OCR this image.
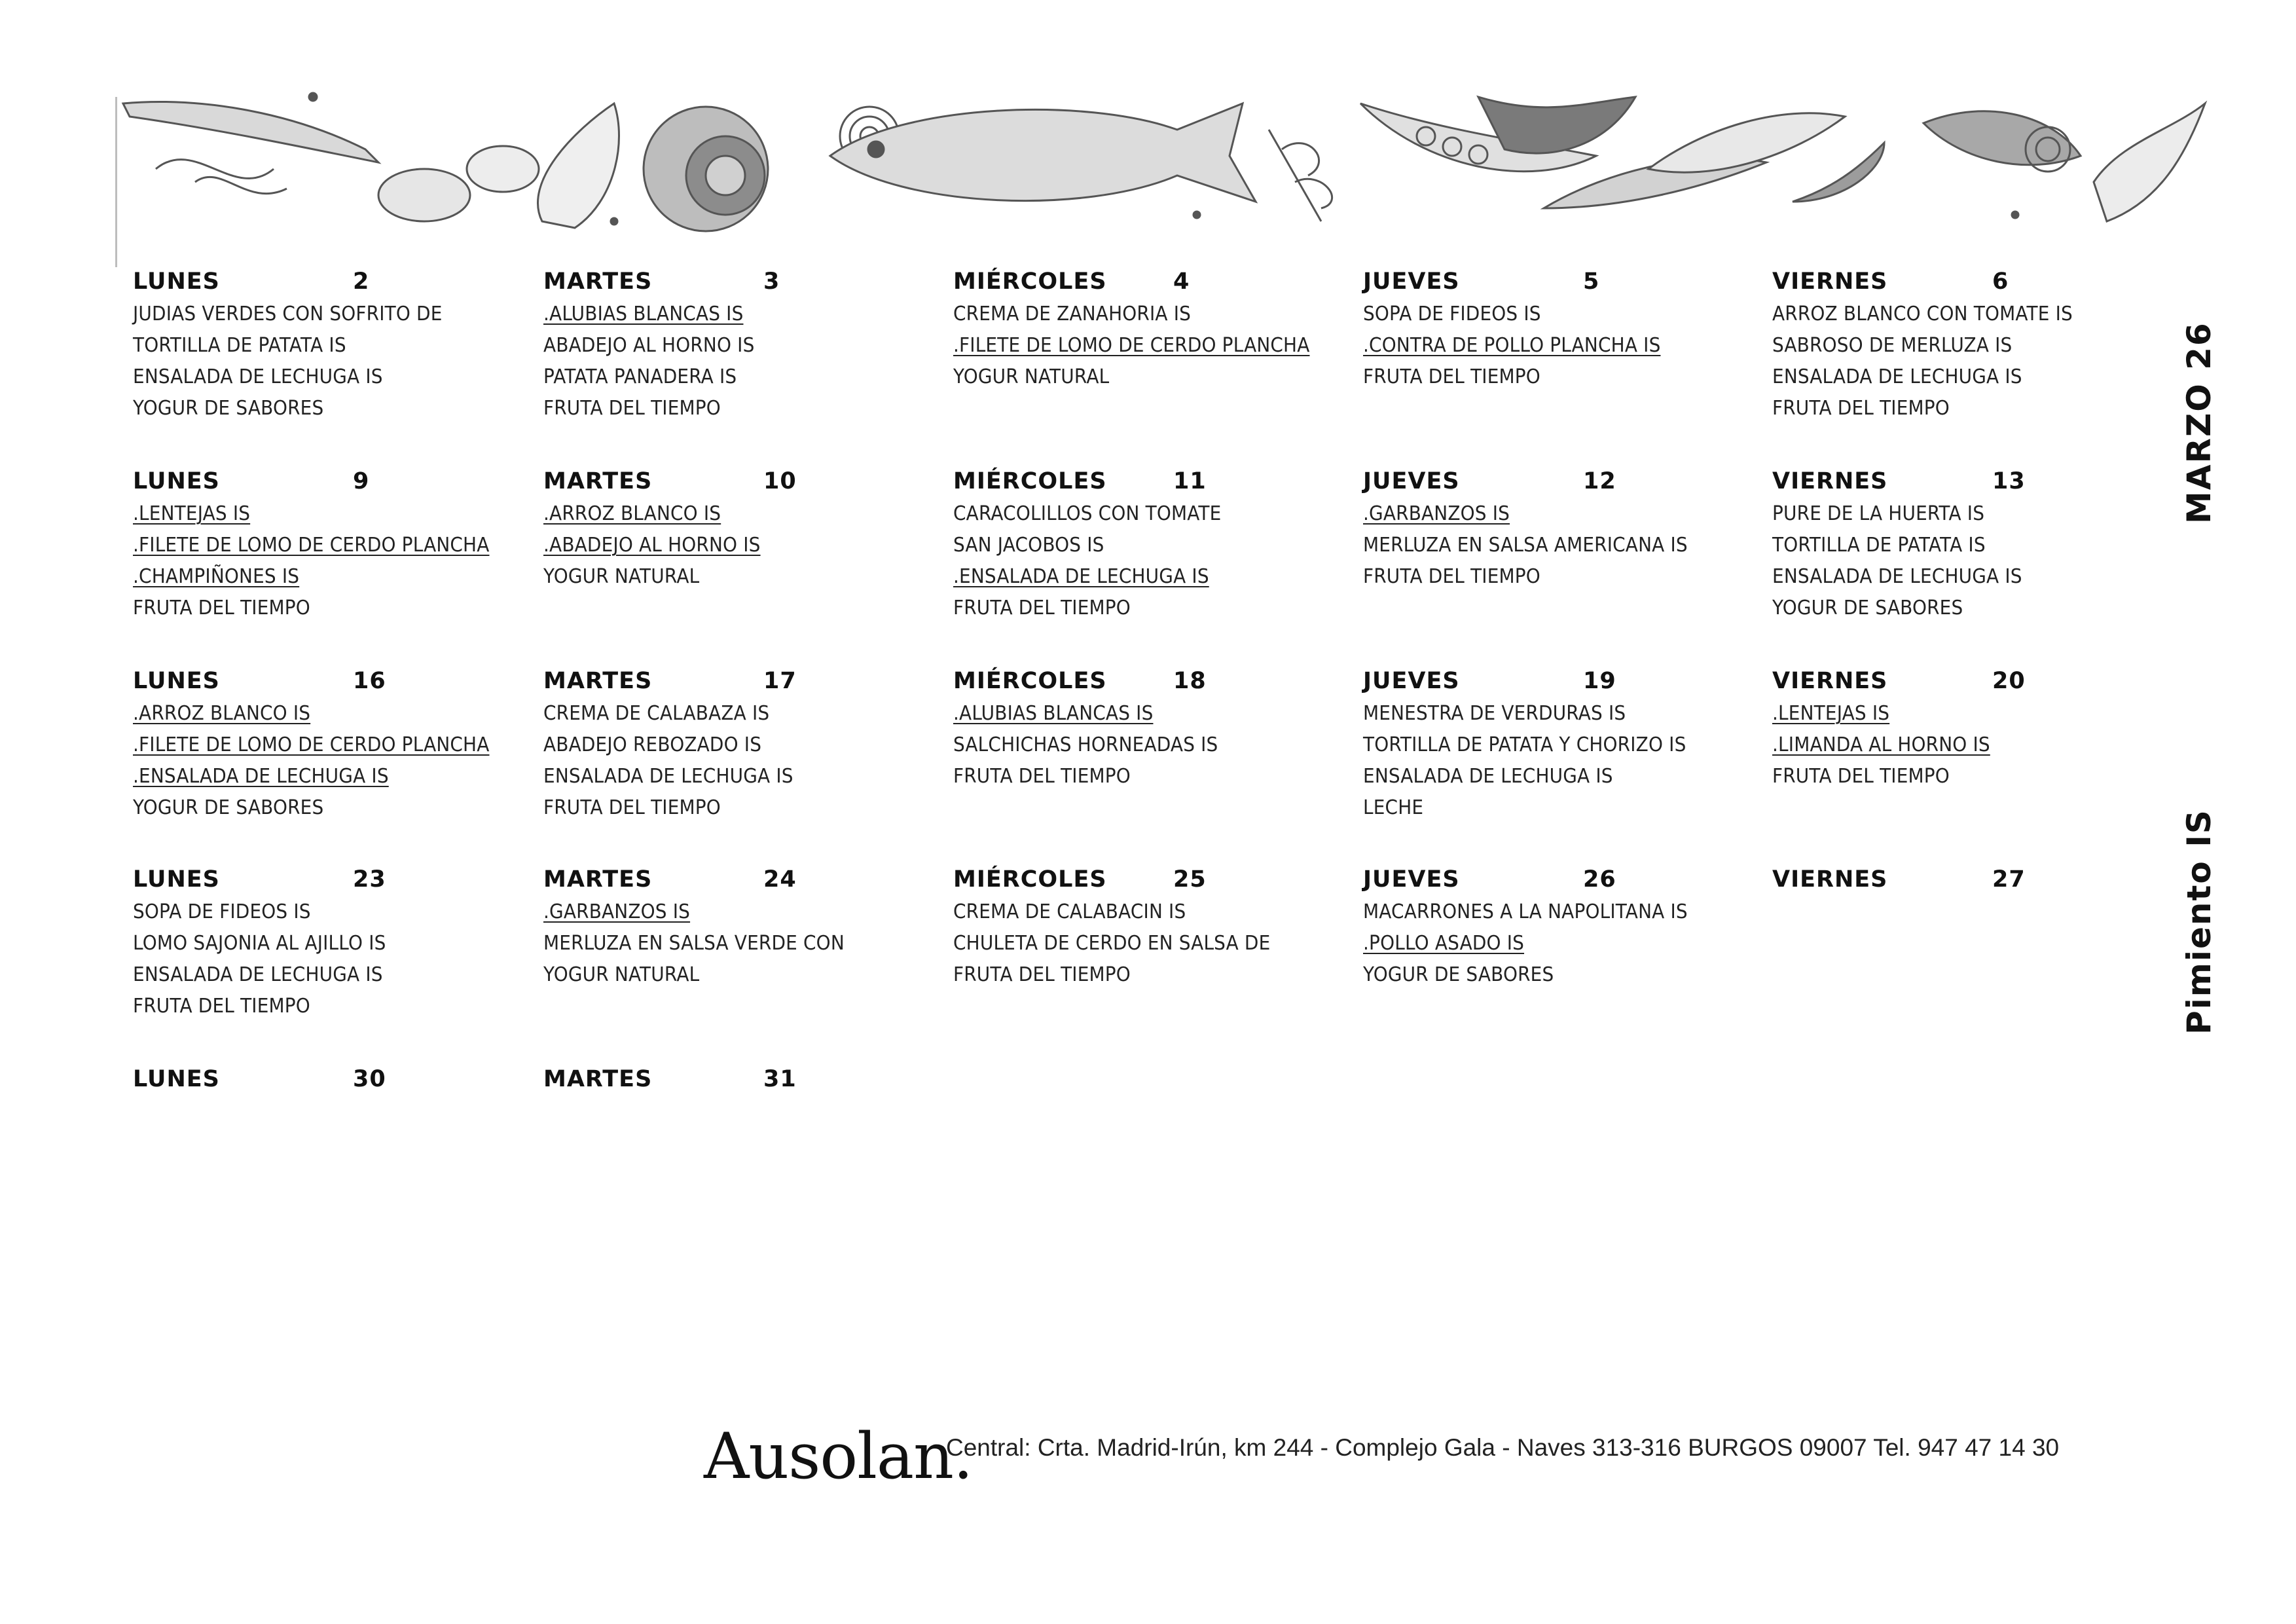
LUNES	2
JUDIAS VERDES CON SOFRITO DE
TORTILLA DE PATATA IS
ENSALADA DE LECHUGA IS
YOGUR DE SABORES
MARTES	3
.ALUBIAS BLANCAS IS
ABADEJO AL HORNO IS
PATATA PANADERA IS
FRUTA DEL TIEMPO
MIÉRCOLES	4
CREMA DE ZANAHORIA IS
.FILETE DE LOMO DE CERDO PLANCHA
YOGUR NATURAL
JUEVES	5
SOPA DE FIDEOS IS
.CONTRA DE POLLO PLANCHA IS
FRUTA DEL TIEMPO
VIERNES	6
ARROZ BLANCO CON TOMATE IS
SABROSO DE MERLUZA IS
ENSALADA DE LECHUGA IS
FRUTA DEL TIEMPO
LUNES	9
.LENTEJAS IS
.FILETE DE LOMO DE CERDO PLANCHA
.CHAMPIÑONES IS
FRUTA DEL TIEMPO
MARTES	10
.ARROZ BLANCO IS
.ABADEJO AL HORNO IS
YOGUR NATURAL
MIÉRCOLES	11
CARACOLILLOS CON TOMATE
SAN JACOBOS IS
.ENSALADA DE LECHUGA IS
FRUTA DEL TIEMPO
JUEVES	12
.GARBANZOS IS
MERLUZA EN SALSA AMERICANA IS
FRUTA DEL TIEMPO
VIERNES	13
PURE DE LA HUERTA IS
TORTILLA DE PATATA IS
ENSALADA DE LECHUGA IS
YOGUR DE SABORES
LUNES	16
.ARROZ BLANCO IS
.FILETE DE LOMO DE CERDO PLANCHA
.ENSALADA DE LECHUGA IS
YOGUR DE SABORES
MARTES	17
CREMA DE CALABAZA IS
ABADEJO REBOZADO IS
ENSALADA DE LECHUGA IS
FRUTA DEL TIEMPO
MIÉRCOLES	18
.ALUBIAS BLANCAS IS
SALCHICHAS HORNEADAS IS
FRUTA DEL TIEMPO
JUEVES	19
MENESTRA DE VERDURAS IS
TORTILLA DE PATATA Y CHORIZO IS
ENSALADA DE LECHUGA IS
LECHE
VIERNES	20
.LENTEJAS IS
.LIMANDA AL HORNO IS
FRUTA DEL TIEMPO
LUNES	23
SOPA DE FIDEOS IS
LOMO SAJONIA AL AJILLO IS
ENSALADA DE LECHUGA IS
FRUTA DEL TIEMPO
MARTES	24
.GARBANZOS IS
MERLUZA EN SALSA VERDE CON
YOGUR NATURAL
MIÉRCOLES	25
CREMA DE CALABACIN IS
CHULETA DE CERDO EN SALSA DE
FRUTA DEL TIEMPO
JUEVES	26
MACARRONES A LA NAPOLITANA IS
.POLLO ASADO IS
YOGUR DE SABORES
VIERNES	27
LUNES	30	MARTES	31
MARZO 26
Pimiento IS
Ausolan.
Central: Crta. Madrid-Irún, km 244 - Complejo Gala - Naves 313-316 BURGOS 09007 Tel. 947 47 14 30
